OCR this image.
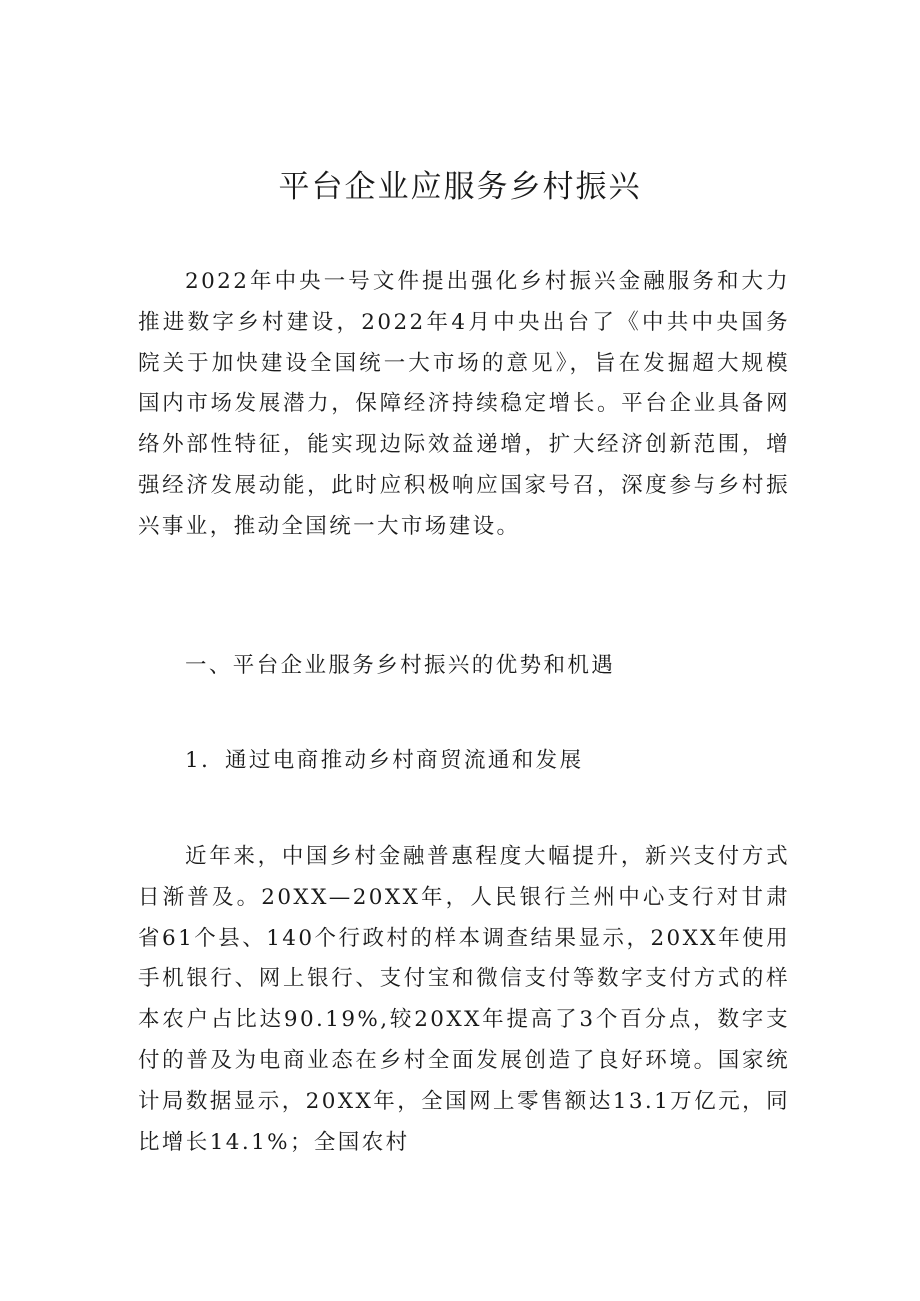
平台企业应服务乡村振兴

2022年中央一号文件提出强化乡村振兴金融服务和大力推进数字乡村建设，2022年4月中央出台了《中共中央国务院关于加快建设全国统一大市场的意见》，旨在发掘超大规模国内市场发展潜力，保障经济持续稳定增长。平台企业具备网络外部性特征，能实现边际效益递增，扩大经济创新范围，增强经济发展动能，此时应积极响应国家号召，深度参与乡村振兴事业，推动全国统一大市场建设。

一、平台企业服务乡村振兴的优势和机遇
1．通过电商推动乡村商贸流通和发展

近年来，中国乡村金融普惠程度大幅提升，新兴支付方式日渐普及。20XX—20XX年，人民银行兰州中心支行对甘肃省61个县、140个行政村的样本调查结果显示，20XX年使用手机银行、网上银行、支付宝和微信支付等数字支付方式的样本农户占比达90.19%,较20XX年提高了3个百分点，数字支付的普及为电商业态在乡村全面发展创造了良好环境。国家统计局数据显示，20XX年，全国网上零售额达13.1万亿元，同比增长14.1%；全国农村
